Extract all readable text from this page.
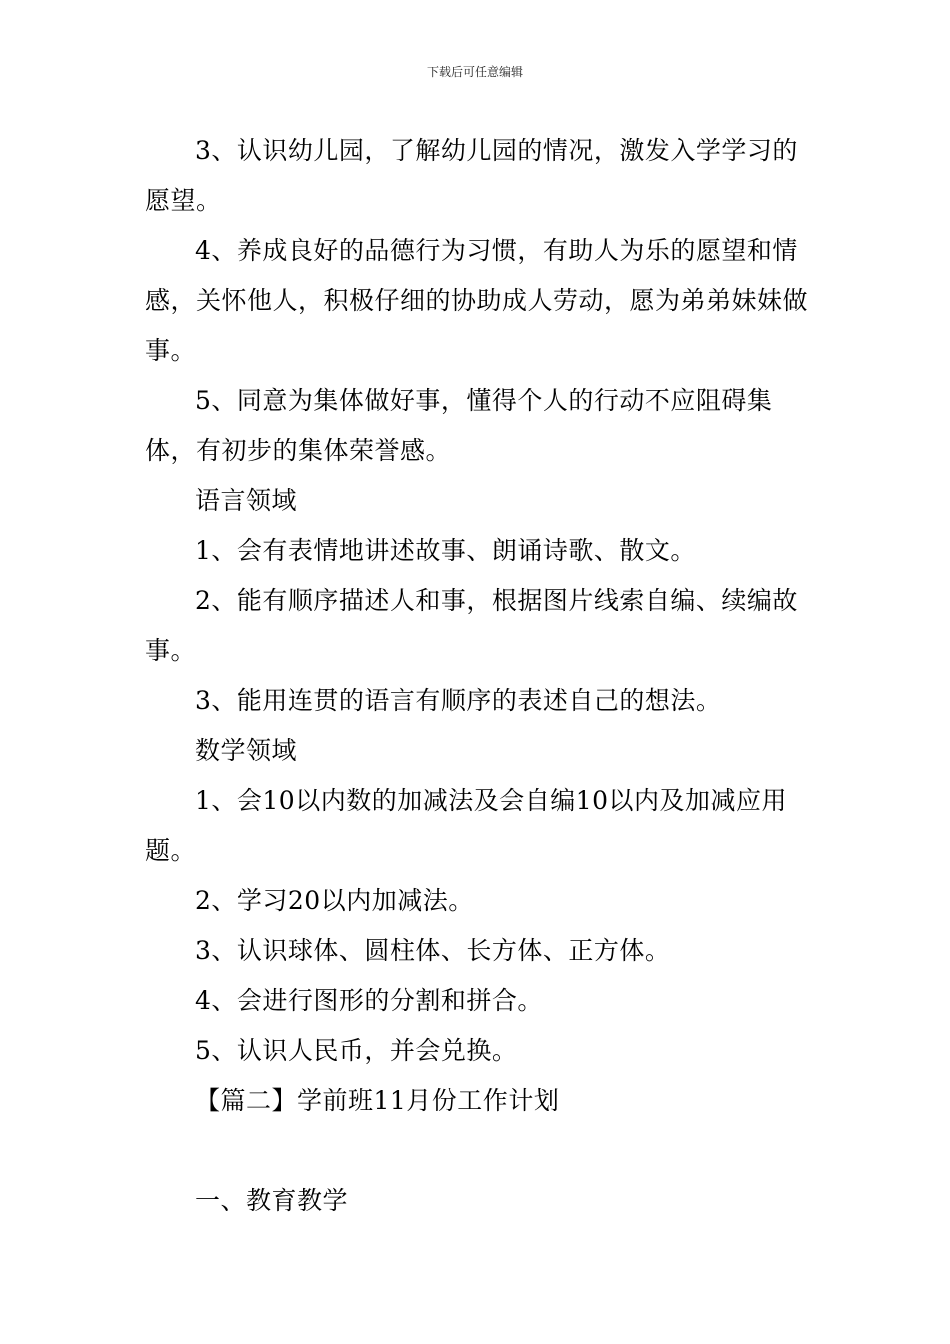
下载后可任意编辑

3、认识幼儿园，了解幼儿园的情况，激发入学学习的愿望。

4、养成良好的品德行为习惯，有助人为乐的愿望和情感，关怀他人，积极仔细的协助成人劳动，愿为弟弟妹妹做事。

5、同意为集体做好事，懂得个人的行动不应阻碍集体，有初步的集体荣誉感。

语言领域

1、会有表情地讲述故事、朗诵诗歌、散文。

2、能有顺序描述人和事，根据图片线索自编、续编故事。

3、能用连贯的语言有顺序的表述自己的想法。

数学领域

1、会10以内数的加减法及会自编10以内及加减应用题。

2、学习20以内加减法。

3、认识球体、圆柱体、长方体、正方体。

4、会进行图形的分割和拼合。

5、认识人民币，并会兑换。

【篇二】学前班11月份工作计划

一、教育教学
